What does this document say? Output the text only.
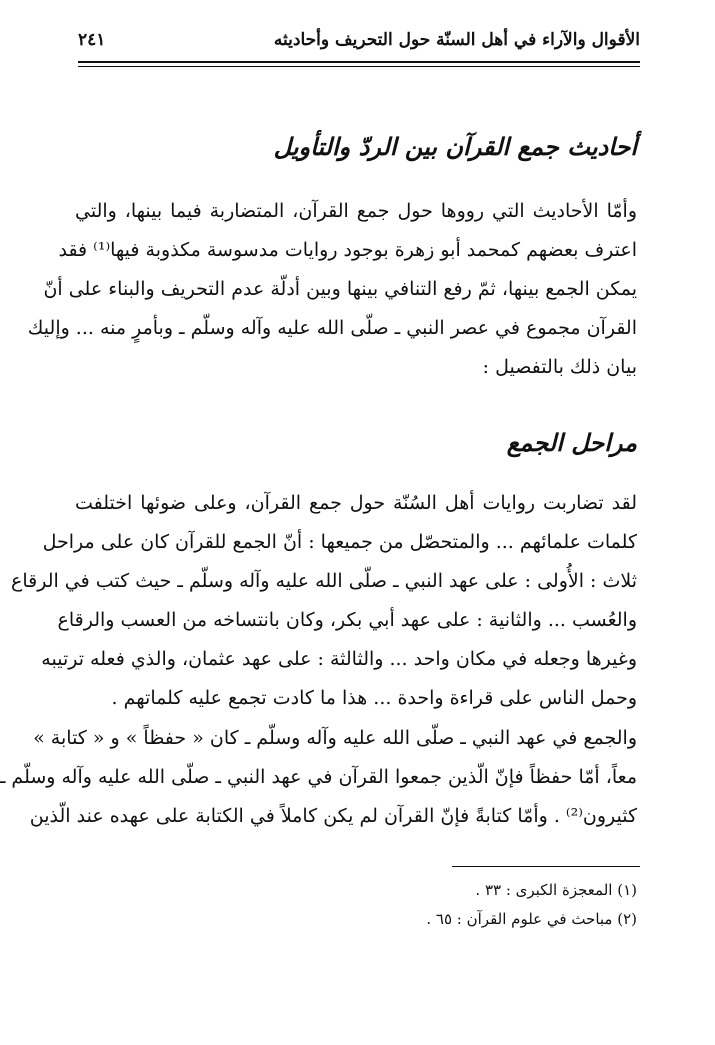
الأقوال والآراء في أهل السنّة حول التحريف وأحاديثه
٢٤١
أحاديث جمع القرآن بين الردّ والتأويل
وأمّا الأحاديث التي رووها حول جمع القرآن، المتضاربة فيما بينها، والتي
اعترف بعضهم كمحمد أبو زهرة بوجود روايات مدسوسة مكذوبة فيها⁽¹⁾ فقد
يمكن الجمع بينها، ثمّ رفع التنافي بينها وبين أدلّة عدم التحريف والبناء على أنّ
القرآن مجموع في عصر النبي ـ صلّى الله عليه وآله وسلّم ـ وبأمرٍ منه ... وإليك
بيان ذلك بالتفصيل :
مراحل الجمع
لقد تضاربت روايات أهل السُنّة حول جمع القرآن، وعلى ضوئها اختلفت
كلمات علمائهم ... والمتحصّل من جميعها : أنّ الجمع للقرآن كان على مراحل
ثلاث : الأُولى : على عهد النبي ـ صلّى الله عليه وآله وسلّم ـ حيث كتب في الرقاع
والعُسب ... والثانية : على عهد أبي بكر، وكان بانتساخه من العسب والرقاع
وغيرها وجعله في مكان واحد ... والثالثة : على عهد عثمان، والذي فعله ترتيبه
وحمل الناس على قراءة واحدة ... هذا ما كادت تجمع عليه كلماتهم .
والجمع في عهد النبي ـ صلّى الله عليه وآله وسلّم ـ كان « حفظاً » و « كتابة »
معاً، أمّا حفظاً فإنّ الّذين جمعوا القرآن في عهد النبي ـ صلّى الله عليه وآله وسلّم ـ
كثيرون⁽²⁾ . وأمّا كتابةً فإنّ القرآن لم يكن كاملاً في الكتابة على عهده عند الّذين
(١) المعجزة الكبرى : ٣٣ .
(٢) مباحث في علوم القرآن : ٦٥ .
